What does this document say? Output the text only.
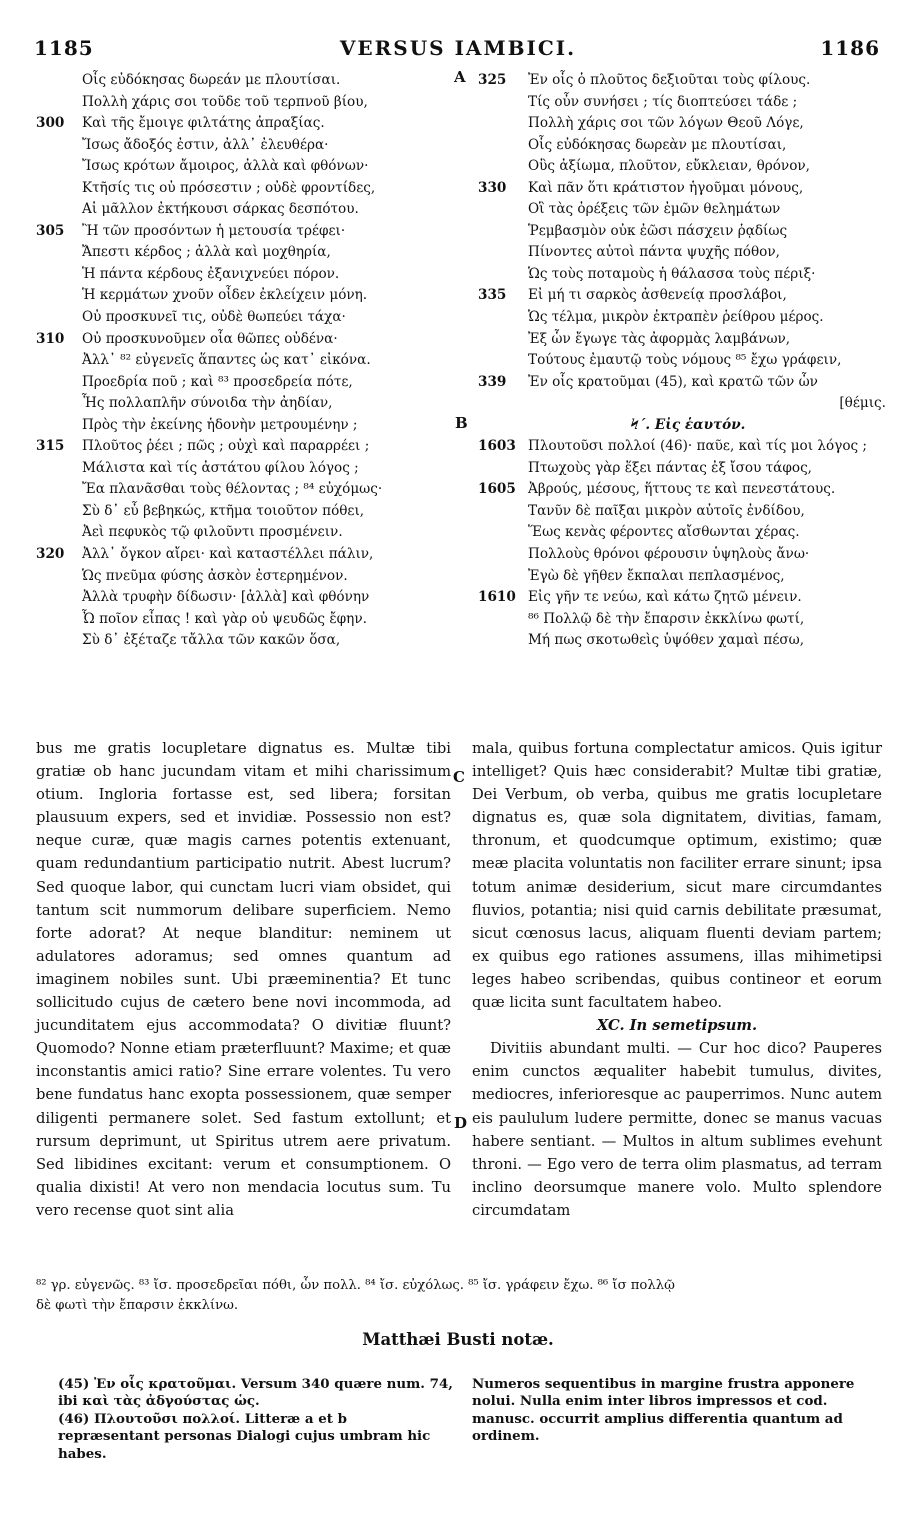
1185	VERSUS IAMBICI.	1186
A
B
C
D
Οἷς εὐδόκησας δωρεάν με πλουτίσαι.
Πολλὴ χάρις σοι τοῦδε τοῦ τερπνοῦ βίου,
300	Καὶ τῆς ἔμοιγε φιλτάτης ἀπραξίας.
Ἴσως ἄδοξός ἐστιν, ἀλλ᾿ ἐλευθέρα·
Ἴσως κρότων ἄμοιρος, ἀλλὰ καὶ φθόνων·
Κτῆσίς τις οὐ πρόσεστιν ; οὐδὲ φροντίδες,
Αἱ μᾶλλον ἐκτήκουσι σάρκας δεσπότου.
305	Ἢ τῶν προσόντων ἡ μετουσία τρέφει·
Ἄπεστι κέρδος ; ἀλλὰ καὶ μοχθηρία,
Ἡ πάντα κέρδους ἐξανιχνεύει πόρον.
Ἡ κερμάτων χνοῦν οἶδεν ἐκλείχειν μόνη.
Οὐ προσκυνεῖ τις, οὐδὲ θωπεύει τάχα·
310	Οὐ προσκυνοῦμεν οἷα θῶπες οὐδένα·
Ἀλλ᾿ ⁸² εὐγενεῖς ἅπαντες ὡς κατ᾿ εἰκόνα.
Προεδρία ποῦ ; καὶ ⁸³ προσεδρεία πότε,
Ἧς πολλαπλῆν σύνοιδα τὴν ἀηδίαν,
Πρὸς τὴν ἐκείνης ἡδονὴν μετρουμένην ;
315	Πλοῦτος ῥέει ; πῶς ; οὐχὶ καὶ παραρρέει ;
Μάλιστα καὶ τίς ἀστάτου φίλου λόγος ;
Ἔα πλανᾶσθαι τοὺς θέλοντας ; ⁸⁴ εὐχόμως·
Σὺ δ᾿ εὖ βεβηκώς, κτῆμα τοιοῦτον πόθει,
Ἀεὶ πεφυκὸς τῷ φιλοῦντι προσμένειν.
320	Ἀλλ᾿ ὄγκον αἴρει· καὶ καταστέλλει πάλιν,
Ὡς πνεῦμα φύσης ἀσκὸν ἐστερημένον.
Ἀλλὰ τρυφὴν δίδωσιν· [ἀλλὰ] καὶ φθόνην
Ὦ ποῖον εἶπας ! καὶ γὰρ οὐ ψευδῶς ἔφην.
Σὺ δ᾿ ἐξέταζε τἄλλα τῶν κακῶν ὅσα,
325	Ἐν οἷς ὁ πλοῦτος δεξιοῦται τοὺς φίλους.
Τίς οὖν συνήσει ; τίς διοπτεύσει τάδε ;
Πολλὴ χάρις σοι τῶν λόγων Θεοῦ Λόγε,
Οἷς εὐδόκησας δωρεὰν με πλουτίσαι,
Οὓς ἀξίωμα, πλοῦτον, εὔκλειαν, θρόνον,
330	Καὶ πᾶν ὅτι κράτιστον ἡγοῦμαι μόνους,
Οἳ τὰς ὀρέξεις τῶν ἐμῶν θελημάτων
Ῥεμβασμὸν οὐκ ἐῶσι πάσχειν ῥᾳδίως
Πίνοντες αὐτοὶ πάντα ψυχῆς πόθον,
Ὡς τοὺς ποταμοὺς ἡ θάλασσα τοὺς πέριξ·
335	Εἰ μή τι σαρκὸς ἀσθενείᾳ προσλάβοι,
Ὡς τέλμα, μικρὸν ἐκτραπὲν ῥείθρου μέρος.
Ἐξ ὧν ἔγωγε τὰς ἀφορμὰς λαμβάνων,
Τούτους ἐμαυτῷ τοὺς νόμους ⁸⁵ ἔχω γράφειν,
339	Ἐν οἷς κρατοῦμαι (45), καὶ κρατῶ τῶν ὧν
[θέμις.
Ϟ΄. Εἰς ἑαυτόν.
1603 Πλουτοῦσι πολλοί (46)· παῦε, καὶ τίς μοι λόγος ;
Πτωχοὺς γὰρ ἕξει πάντας ἐξ ἴσου τάφος,
1605 Ἀβρούς, μέσους, ἥττους τε καὶ πενεστάτους.
Τανῦν δὲ παῖξαι μικρὸν αὐτοῖς ἐνδίδου,
Ἕως κενὰς φέροντες αἴσθωνται χέρας.
Πολλοὺς θρόνοι φέρουσιν ὑψηλοὺς ἄνω·
Ἐγὼ δὲ γῆθεν ἔκπαλαι πεπλασμένος,
1610 Εἰς γῆν τε νεύω, καὶ κάτω ζητῶ μένειν.
⁸⁶ Πολλῷ δὲ τὴν ἔπαρσιν ἐκκλίνω φωτί,
Μή πως σκοτωθεὶς ὑψόθεν χαμαὶ πέσω,

bus me gratis locupletare dignatus es. Multæ tibi gratiæ ob hanc jucundam vitam et mihi charissimum otium. Ingloria fortasse est, sed libera; forsitan plausuum expers, sed et invidiæ. Possessio non est? neque curæ, quæ magis carnes potentis extenuant, quam redundantium participatio nutrit. Abest lucrum? Sed quoque labor, qui cunctam lucri viam obsidet, qui tantum scit nummorum delibare superficiem. Nemo forte adorat? At neque blanditur: neminem ut adulatores adoramus; sed omnes quantum ad imaginem nobiles sunt. Ubi præeminentia? Et tunc sollicitudo cujus de cætero bene novi incommoda, ad jucunditatem ejus accommodata? O divitiæ fluunt? Quomodo? Nonne etiam præterfluunt? Maxime; et quæ inconstantis amici ratio? Sine errare volentes. Tu vero bene fundatus hanc exopta possessionem, quæ semper diligenti permanere solet. Sed fastum extollunt; et rursum deprimunt, ut Spiritus utrem aere privatum. Sed libidines excitant: verum et consumptionem. O qualia dixisti! At vero non mendacia locutus sum. Tu vero recense quot sint alia

mala, quibus fortuna complectatur amicos. Quis igitur intelliget? Quis hæc considerabit? Multæ tibi gratiæ, Dei Verbum, ob verba, quibus me gratis locupletare dignatus es, quæ sola dignitatem, divitias, famam, thronum, et quodcumque optimum, existimo; quæ meæ placita voluntatis non faciliter errare sinunt; ipsa totum animæ desiderium, sicut mare circumdantes fluvios, potantia; nisi quid carnis debilitate præsumat, sicut cœnosus lacus, aliquam fluenti deviam partem; ex quibus ego rationes assumens, illas mihimetipsi leges habeo scribendas, quibus contineor et eorum quæ licita sunt facultatem habeo.

XC. In semetipsum.

Divitiis abundant multi. — Cur hoc dico? Pauperes enim cunctos æqualiter habebit tumulus, divites, mediocres, inferioresque ac pauperrimos. Nunc autem eis paululum ludere permitte, donec se manus vacuas habere sentiant. — Multos in altum sublimes evehunt throni. — Ego vero de terra olim plasmatus, ad terram inclino deorsumque manere volo. Multo splendore circumdatam

⁸² γρ. εὐγενῶς. ⁸³ ἴσ. προσεδρεῖαι πόθι, ὧν πολλ. ⁸⁴ ἴσ. εὐχόλως. ⁸⁵ ἴσ. γράφειν ἔχω. ⁸⁶ ἴσ πολλῷ
δὲ φωτὶ τὴν ἔπαρσιν ἐκκλίνω.
Matthæi Busti notæ.

(45) Ἐν οἷς κρατοῦμαι. Versum 340 quære num. 74, ibi καὶ τὰς ἀδγούστας ὡς.

(46) Πλουτοῦσι πολλοί. Litteræ a et b repræsentant personas Dialogi cujus umbram hic habes.

Numeros sequentibus in margine frustra apponere nolui. Nulla enim inter libros impressos et cod. manusc. occurrit amplius differentia quantum ad ordinem.
